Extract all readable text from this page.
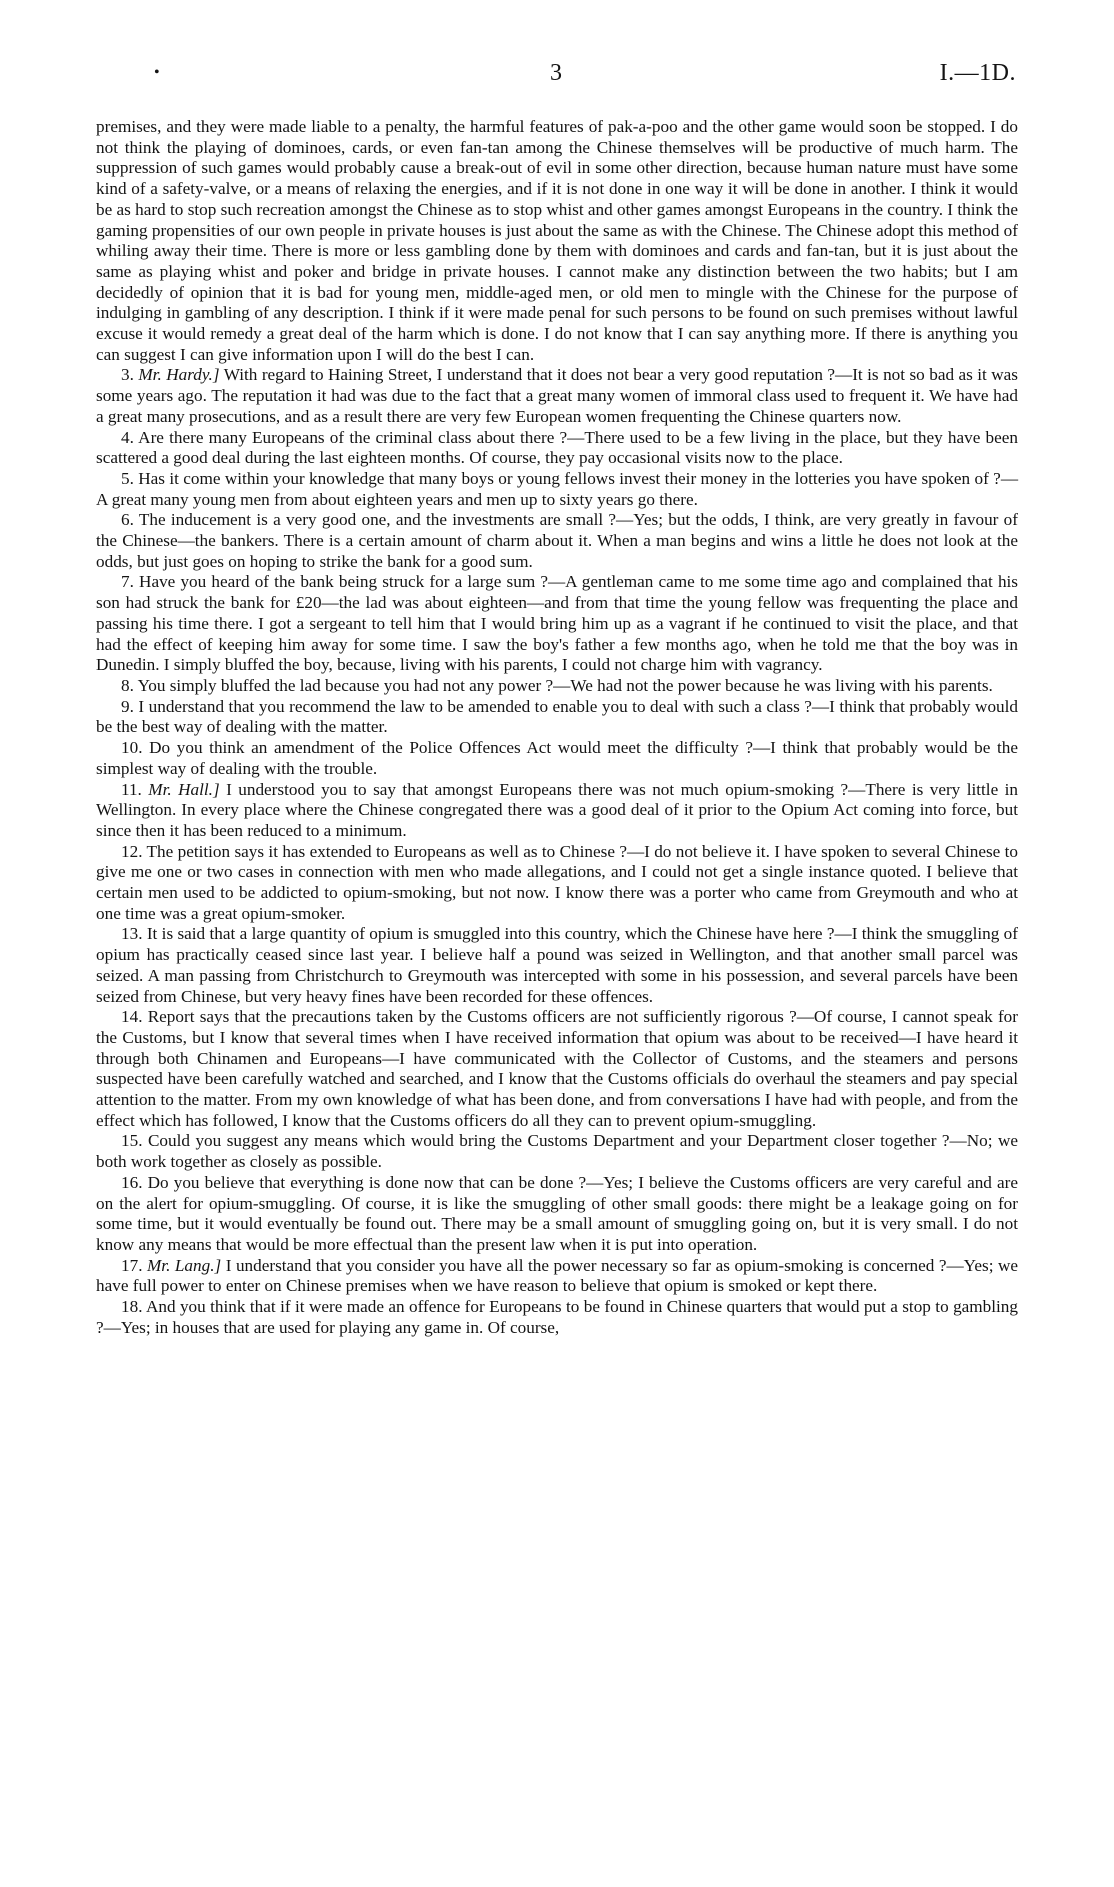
•	3	I.—1D.

premises, and they were made liable to a penalty, the harmful features of pak-a-poo and the other game would soon be stopped. I do not think the playing of dominoes, cards, or even fan-tan among the Chinese themselves will be productive of much harm. The suppression of such games would probably cause a break-out of evil in some other direction, because human nature must have some kind of a safety-valve, or a means of relaxing the energies, and if it is not done in one way it will be done in another. I think it would be as hard to stop such recreation amongst the Chinese as to stop whist and other games amongst Europeans in the country. I think the gaming propensities of our own people in private houses is just about the same as with the Chinese. The Chinese adopt this method of whiling away their time. There is more or less gambling done by them with dominoes and cards and fan-tan, but it is just about the same as playing whist and poker and bridge in private houses. I cannot make any distinction between the two habits; but I am decidedly of opinion that it is bad for young men, middle-aged men, or old men to mingle with the Chinese for the purpose of indulging in gambling of any description. I think if it were made penal for such persons to be found on such premises without lawful excuse it would remedy a great deal of the harm which is done. I do not know that I can say anything more. If there is anything you can suggest I can give information upon I will do the best I can.

3. Mr. Hardy.] With regard to Haining Street, I understand that it does not bear a very good reputation ?—It is not so bad as it was some years ago. The reputation it had was due to the fact that a great many women of immoral class used to frequent it. We have had a great many prosecutions, and as a result there are very few European women frequenting the Chinese quarters now.

4. Are there many Europeans of the criminal class about there ?—There used to be a few living in the place, but they have been scattered a good deal during the last eighteen months. Of course, they pay occasional visits now to the place.

5. Has it come within your knowledge that many boys or young fellows invest their money in the lotteries you have spoken of ?—A great many young men from about eighteen years and men up to sixty years go there.

6. The inducement is a very good one, and the investments are small ?—Yes; but the odds, I think, are very greatly in favour of the Chinese—the bankers. There is a certain amount of charm about it. When a man begins and wins a little he does not look at the odds, but just goes on hoping to strike the bank for a good sum.

7. Have you heard of the bank being struck for a large sum ?—A gentleman came to me some time ago and complained that his son had struck the bank for £20—the lad was about eighteen—and from that time the young fellow was frequenting the place and passing his time there. I got a sergeant to tell him that I would bring him up as a vagrant if he continued to visit the place, and that had the effect of keeping him away for some time. I saw the boy's father a few months ago, when he told me that the boy was in Dunedin. I simply bluffed the boy, because, living with his parents, I could not charge him with vagrancy.

8. You simply bluffed the lad because you had not any power ?—We had not the power because he was living with his parents.

9. I understand that you recommend the law to be amended to enable you to deal with such a class ?—I think that probably would be the best way of dealing with the matter.

10. Do you think an amendment of the Police Offences Act would meet the difficulty ?—I think that probably would be the simplest way of dealing with the trouble.

11. Mr. Hall.] I understood you to say that amongst Europeans there was not much opium-smoking ?—There is very little in Wellington. In every place where the Chinese congregated there was a good deal of it prior to the Opium Act coming into force, but since then it has been reduced to a minimum.

12. The petition says it has extended to Europeans as well as to Chinese ?—I do not believe it. I have spoken to several Chinese to give me one or two cases in connection with men who made allegations, and I could not get a single instance quoted. I believe that certain men used to be addicted to opium-smoking, but not now. I know there was a porter who came from Greymouth and who at one time was a great opium-smoker.

13. It is said that a large quantity of opium is smuggled into this country, which the Chinese have here ?—I think the smuggling of opium has practically ceased since last year. I believe half a pound was seized in Wellington, and that another small parcel was seized. A man passing from Christchurch to Greymouth was intercepted with some in his possession, and several parcels have been seized from Chinese, but very heavy fines have been recorded for these offences.

14. Report says that the precautions taken by the Customs officers are not sufficiently rigorous ?—Of course, I cannot speak for the Customs, but I know that several times when I have received information that opium was about to be received—I have heard it through both Chinamen and Europeans—I have communicated with the Collector of Customs, and the steamers and persons suspected have been carefully watched and searched, and I know that the Customs officials do overhaul the steamers and pay special attention to the matter. From my own knowledge of what has been done, and from conversations I have had with people, and from the effect which has followed, I know that the Customs officers do all they can to prevent opium-smuggling.

15. Could you suggest any means which would bring the Customs Department and your Department closer together ?—No; we both work together as closely as possible.

16. Do you believe that everything is done now that can be done ?—Yes; I believe the Customs officers are very careful and are on the alert for opium-smuggling. Of course, it is like the smuggling of other small goods: there might be a leakage going on for some time, but it would eventually be found out. There may be a small amount of smuggling going on, but it is very small. I do not know any means that would be more effectual than the present law when it is put into operation.

17. Mr. Lang.] I understand that you consider you have all the power necessary so far as opium-smoking is concerned ?—Yes; we have full power to enter on Chinese premises when we have reason to believe that opium is smoked or kept there.

18. And you think that if it were made an offence for Europeans to be found in Chinese quarters that would put a stop to gambling ?—Yes; in houses that are used for playing any game in. Of course,
